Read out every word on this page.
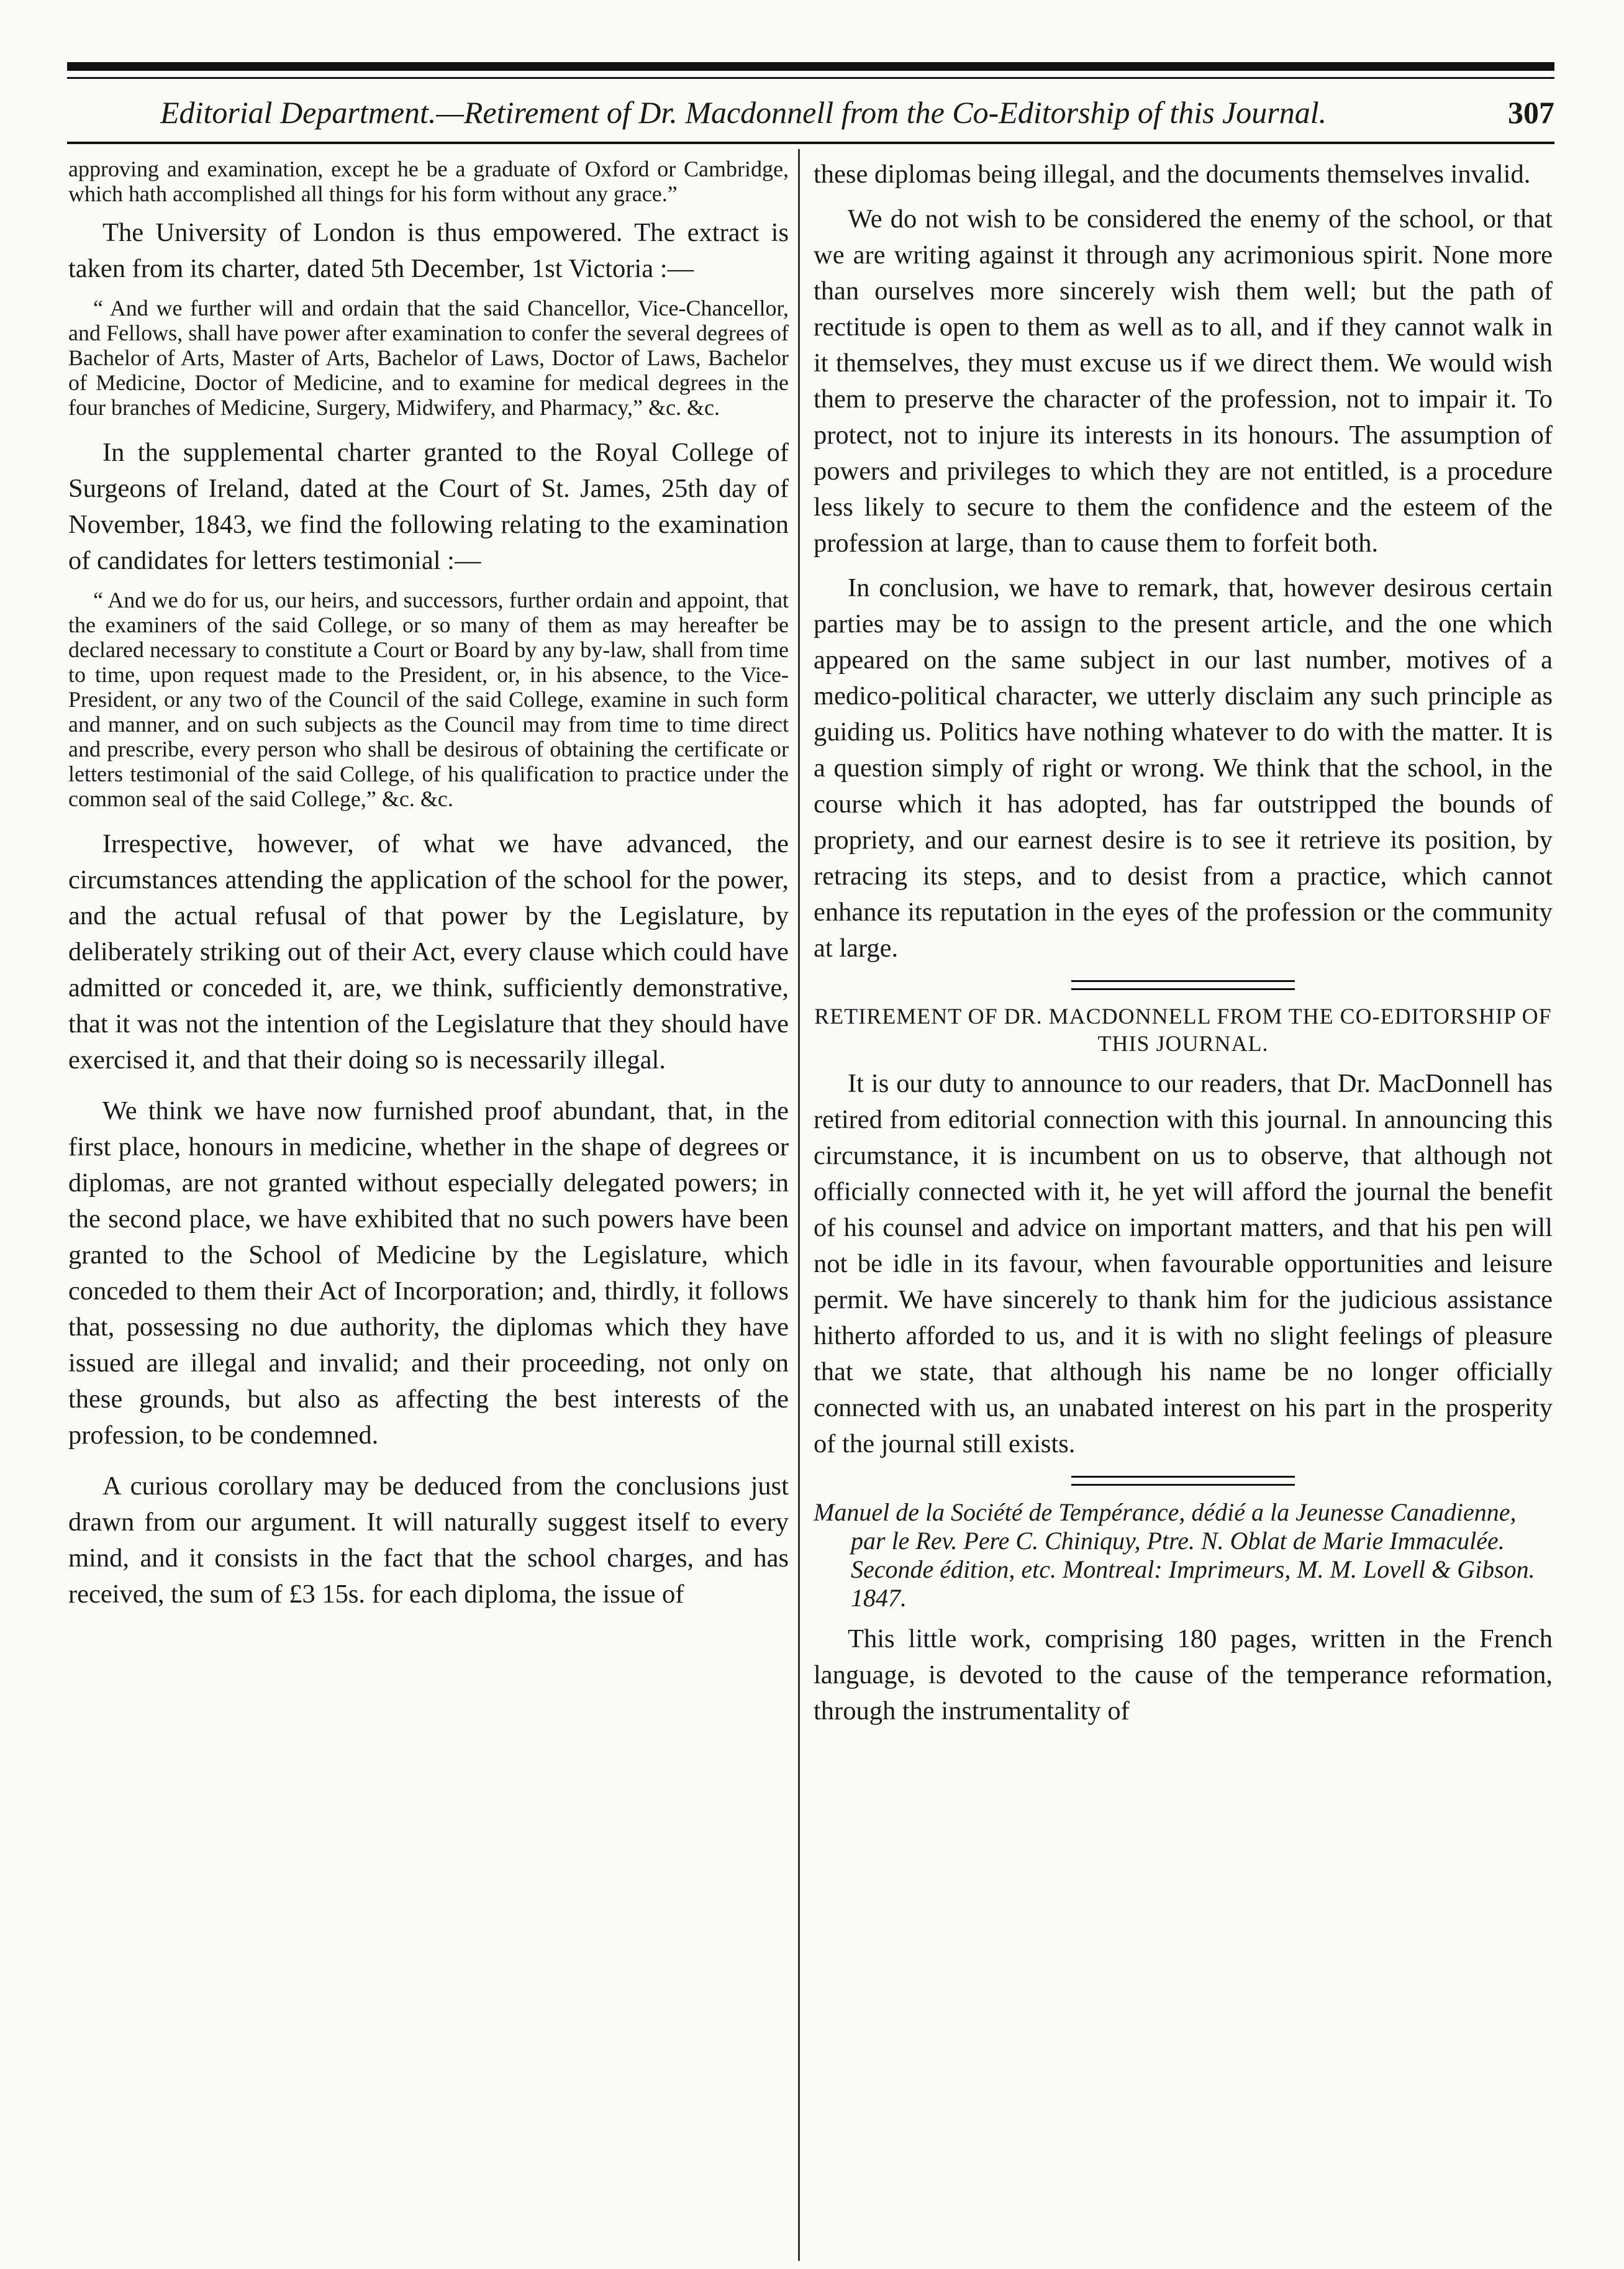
Editorial Department.—Retirement of Dr. Macdonnell from the Co-Editorship of this Journal.	307

approving and examination, except he be a graduate of Oxford or Cambridge, which hath accomplished all things for his form without any grace.”

The University of London is thus empowered. The extract is taken from its charter, dated 5th December, 1st Victoria :—

“ And we further will and ordain that the said Chancellor, Vice-Chancellor, and Fellows, shall have power after examination to confer the several degrees of Bachelor of Arts, Master of Arts, Bachelor of Laws, Doctor of Laws, Bachelor of Medicine, Doctor of Medicine, and to examine for medical degrees in the four branches of Medicine, Surgery, Midwifery, and Pharmacy,” &c. &c.

In the supplemental charter granted to the Royal College of Surgeons of Ireland, dated at the Court of St. James, 25th day of November, 1843, we find the following relating to the examination of candidates for letters testimonial :—

“ And we do for us, our heirs, and successors, further ordain and appoint, that the examiners of the said College, or so many of them as may hereafter be declared necessary to constitute a Court or Board by any by-law, shall from time to time, upon request made to the President, or, in his absence, to the Vice-President, or any two of the Council of the said College, examine in such form and manner, and on such subjects as the Council may from time to time direct and prescribe, every person who shall be desirous of obtaining the certificate or letters testimonial of the said College, of his qualification to practice under the common seal of the said College,” &c. &c.

Irrespective, however, of what we have advanced, the circumstances attending the application of the school for the power, and the actual refusal of that power by the Legislature, by deliberately striking out of their Act, every clause which could have admitted or conceded it, are, we think, sufficiently demonstrative, that it was not the intention of the Legislature that they should have exercised it, and that their doing so is necessarily illegal.

We think we have now furnished proof abundant, that, in the first place, honours in medicine, whether in the shape of degrees or diplomas, are not granted without especially delegated powers; in the second place, we have exhibited that no such powers have been granted to the School of Medicine by the Legislature, which conceded to them their Act of Incorporation; and, thirdly, it follows that, possessing no due authority, the diplomas which they have issued are illegal and invalid; and their proceeding, not only on these grounds, but also as affecting the best interests of the profession, to be condemned.

A curious corollary may be deduced from the conclusions just drawn from our argument. It will naturally suggest itself to every mind, and it consists in the fact that the school charges, and has received, the sum of £3 15s. for each diploma, the issue of

these diplomas being illegal, and the documents themselves invalid.

We do not wish to be considered the enemy of the school, or that we are writing against it through any acrimonious spirit. None more than ourselves more sincerely wish them well; but the path of rectitude is open to them as well as to all, and if they cannot walk in it themselves, they must excuse us if we direct them. We would wish them to preserve the character of the profession, not to impair it. To protect, not to injure its interests in its honours. The assumption of powers and privileges to which they are not entitled, is a procedure less likely to secure to them the confidence and the esteem of the profession at large, than to cause them to forfeit both.

In conclusion, we have to remark, that, however desirous certain parties may be to assign to the present article, and the one which appeared on the same subject in our last number, motives of a medico-political character, we utterly disclaim any such principle as guiding us. Politics have nothing whatever to do with the matter. It is a question simply of right or wrong. We think that the school, in the course which it has adopted, has far outstripped the bounds of propriety, and our earnest desire is to see it retrieve its position, by retracing its steps, and to desist from a practice, which cannot enhance its reputation in the eyes of the profession or the community at large.

RETIREMENT OF DR. MACDONNELL FROM THE CO-EDITORSHIP OF THIS JOURNAL.

It is our duty to announce to our readers, that Dr. MacDonnell has retired from editorial connection with this journal. In announcing this circumstance, it is incumbent on us to observe, that although not officially connected with it, he yet will afford the journal the benefit of his counsel and advice on important matters, and that his pen will not be idle in its favour, when favourable opportunities and leisure permit. We have sincerely to thank him for the judicious assistance hitherto afforded to us, and it is with no slight feelings of pleasure that we state, that although his name be no longer officially connected with us, an unabated interest on his part in the prosperity of the journal still exists.

Manuel de la Société de Tempérance, dédié a la Jeunesse Canadienne, par le Rev. Pere C. Chiniquy, Ptre. N. Oblat de Marie Immaculée. Seconde édition, etc. Montreal: Imprimeurs, M. M. Lovell & Gibson. 1847.

This little work, comprising 180 pages, written in the French language, is devoted to the cause of the temperance reformation, through the instrumentality of
